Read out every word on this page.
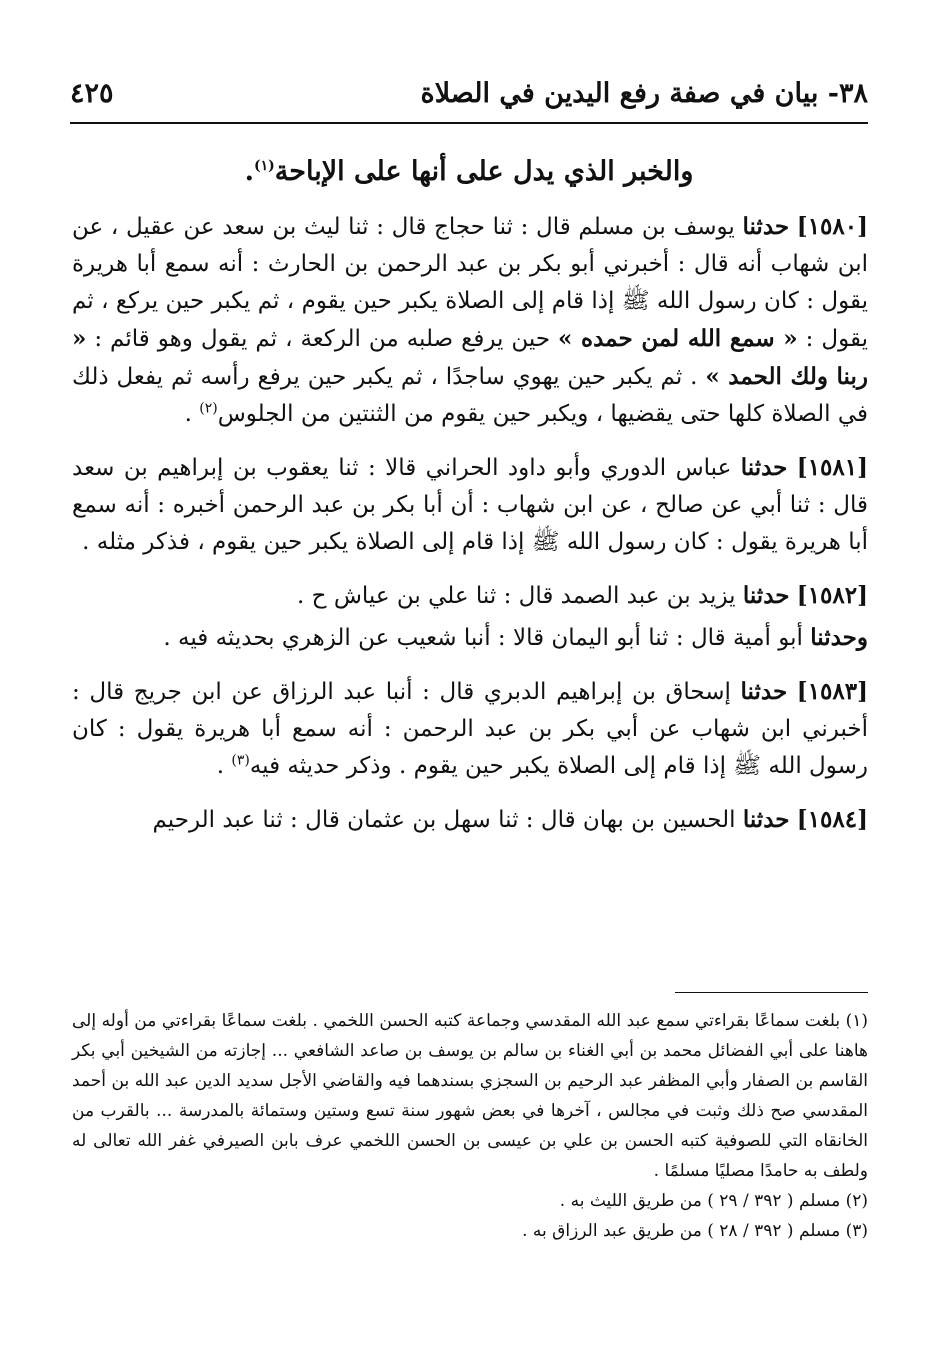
٣٨- بيان في صفة رفع اليدين في الصلاة
٤٢٥
والخبر الذي يدل على أنها على الإباحة$^{(١)}$.

[١٥٨٠] حدثنا يوسف بن مسلم قال : ثنا حجاج قال : ثنا ليث بن سعد عن عقيل ، عن ابن شهاب أنه قال : أخبرني أبو بكر بن عبد الرحمن بن الحارث : أنه سمع أبا هريرة يقول : كان رسول الله ﷺ إذا قام إلى الصلاة يكبر حين يقوم ، ثم يكبر حين يركع ، ثم يقول : « سمع الله لمن حمده » حين يرفع صلبه من الركعة ، ثم يقول وهو قائم : « ربنا ولك الحمد » . ثم يكبر حين يهوي ساجدًا ، ثم يكبر حين يرفع رأسه ثم يفعل ذلك في الصلاة كلها حتى يقضيها ، ويكبر حين يقوم من الثنتين من الجلوس$^{(٢)}$ .

[١٥٨١] حدثنا عباس الدوري وأبو داود الحراني قالا : ثنا يعقوب بن إبراهيم بن سعد قال : ثنا أبي عن صالح ، عن ابن شهاب : أن أبا بكر بن عبد الرحمن أخبره : أنه سمع أبا هريرة يقول : كان رسول الله ﷺ إذا قام إلى الصلاة يكبر حين يقوم ، فذكر مثله .

[١٥٨٢] حدثنا يزيد بن عبد الصمد قال : ثنا علي بن عياش ح .

وحدثنا أبو أمية قال : ثنا أبو اليمان قالا : أنبا شعيب عن الزهري بحديثه فيه .

[١٥٨٣] حدثنا إسحاق بن إبراهيم الدبري قال : أنبا عبد الرزاق عن ابن جريج قال : أخبرني ابن شهاب عن أبي بكر بن عبد الرحمن : أنه سمع أبا هريرة يقول : كان رسول الله ﷺ إذا قام إلى الصلاة يكبر حين يقوم . وذكر حديثه فيه$^{(٣)}$ .

[١٥٨٤] حدثنا الحسين بن بهان قال : ثنا سهل بن عثمان قال : ثنا عبد الرحيم

(١) بلغت سماعًا بقراءتي سمع عبد الله المقدسي وجماعة كتبه الحسن اللخمي . بلغت سماعًا بقراءتي من أوله إلى هاهنا على أبي الفضائل محمد بن أبي الغناء بن سالم بن يوسف بن صاعد الشافعي ... إجازته من الشيخين أبي بكر القاسم بن الصفار وأبي المظفر عبد الرحيم بن السجزي بسندهما فيه والقاضي الأجل سديد الدين عبد الله بن أحمد المقدسي صح ذلك وثبت في مجالس ، آخرها في بعض شهور سنة تسع وستين وستمائة بالمدرسة ... بالقرب من الخانقاه التي للصوفية كتبه الحسن بن علي بن عيسى بن الحسن اللخمي عرف بابن الصيرفي غفر الله تعالى له ولطف به حامدًا مصليًا مسلمًا .

(٢) مسلم ( ٣٩٢ / ٢٩ ) من طريق الليث به .

(٣) مسلم ( ٣٩٢ / ٢٨ ) من طريق عبد الرزاق به .
